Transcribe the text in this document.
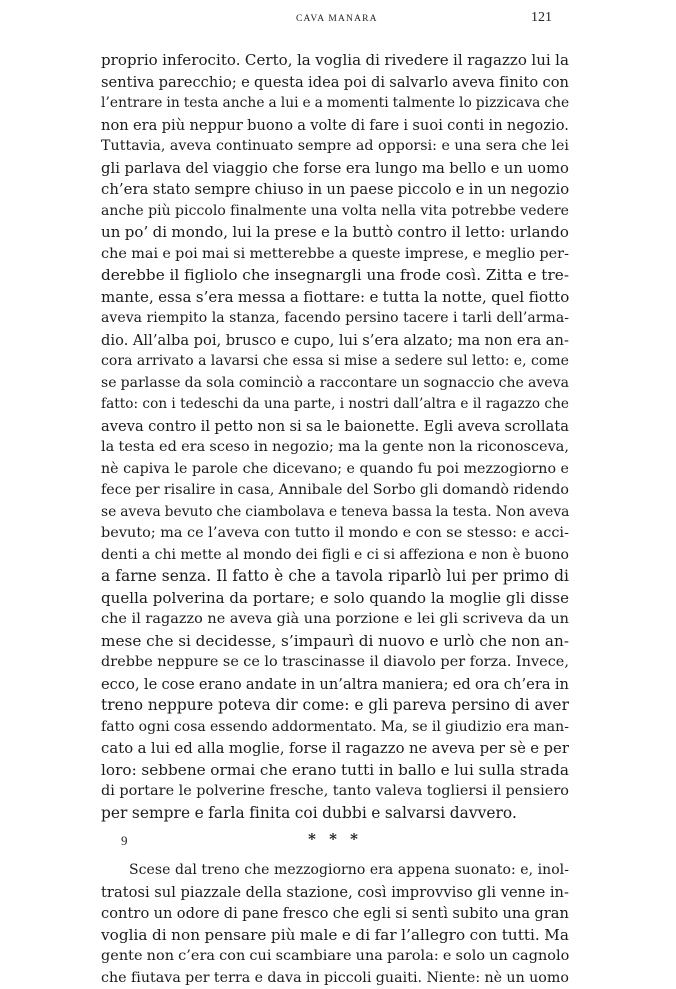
CAVA MANARA	121
proprio inferocito. Certo, la voglia di rivedere il ragazzo lui la
sentiva parecchio; e questa idea poi di salvarlo aveva finito con
l’entrare in testa anche a lui e a momenti talmente lo pizzicava che
non era più neppur buono a volte di fare i suoi conti in negozio.
Tuttavia, aveva continuato sempre ad opporsi: e una sera che lei
gli parlava del viaggio che forse era lungo ma bello e un uomo
ch’era stato sempre chiuso in un paese piccolo e in un negozio
anche più piccolo finalmente una volta nella vita potrebbe vedere
un po’ di mondo, lui la prese e la buttò contro il letto: urlando
che mai e poi mai si metterebbe a queste imprese, e meglio per-
derebbe il figliolo che insegnargli una frode così. Zitta e tre-
mante, essa s’era messa a fiottare: e tutta la notte, quel fiotto
aveva riempito la stanza, facendo persino tacere i tarli dell’arma-
dio. All’alba poi, brusco e cupo, lui s’era alzato; ma non era an-
cora arrivato a lavarsi che essa si mise a sedere sul letto: e, come
se parlasse da sola cominciò a raccontare un sognaccio che aveva
fatto: con i tedeschi da una parte, i nostri dall’altra e il ragazzo che
aveva contro il petto non si sa le baionette. Egli aveva scrollata
la testa ed era sceso in negozio; ma la gente non la riconosceva,
nè capiva le parole che dicevano; e quando fu poi mezzogiorno e
fece per risalire in casa, Annibale del Sorbo gli domandò ridendo
se aveva bevuto che ciambolava e teneva bassa la testa. Non aveva
bevuto; ma ce l’aveva con tutto il mondo e con se stesso: e acci-
denti a chi mette al mondo dei figli e ci si affeziona e non è buono
a farne senza. Il fatto è che a tavola riparlò lui per primo di
quella polverina da portare; e solo quando la moglie gli disse
che il ragazzo ne aveva già una porzione e lei gli scriveva da un
mese che si decidesse, s’impaurì di nuovo e urlò che non an-
drebbe neppure se ce lo trascinasse il diavolo per forza. Invece,
ecco, le cose erano andate in un’altra maniera; ed ora ch’era in
treno neppure poteva dir come: e gli pareva persino di aver
fatto ogni cosa essendo addormentato. Ma, se il giudizio era man-
cato a lui ed alla moglie, forse il ragazzo ne aveva per sè e per
loro: sebbene ormai che erano tutti in ballo e lui sulla strada
di portare le polverine fresche, tanto valeva togliersi il pensiero
per sempre e farla finita coi dubbi e salvarsi davvero.
* * *
Scese dal treno che mezzogiorno era appena suonato: e, inol-
tratosi sul piazzale della stazione, così improvviso gli venne in-
contro un odore di pane fresco che egli si sentì subito una gran
voglia di non pensare più male e di far l’allegro con tutti. Ma
gente non c’era con cui scambiare una parola: e solo un cagnolo
che fiutava per terra e dava in piccoli guaiti. Niente: nè un uomo
9
